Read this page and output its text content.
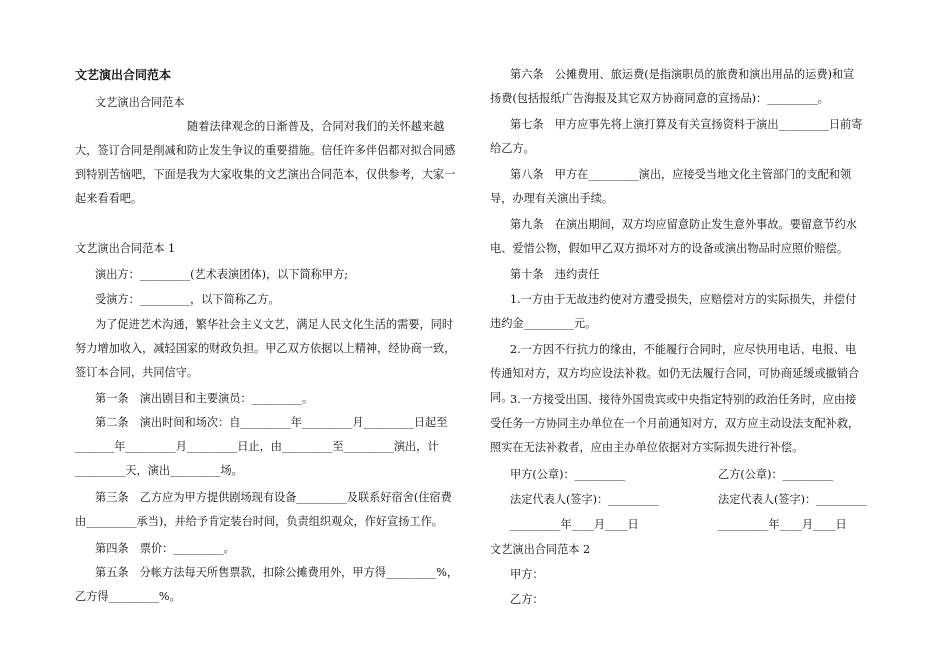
文艺演出合同范本
文艺演出合同范本
随着法律观念的日渐普及，合同对我们的关怀越来越大，签订合同是削减和防止发生争议的重要措施。信任许多伴侣都对拟合同感到特别苦恼吧，下面是我为大家收集的文艺演出合同范本，仅供参考，大家一起来看看吧。
文艺演出合同范本 1
演出方：_________(艺术表演团体)，以下简称甲方;
受演方：_________，以下简称乙方。
为了促进艺术沟通，繁华社会主义文艺，满足人民文化生活的需要，同时努力增加收入，减轻国家的财政负担。甲乙双方依据以上精神，经协商一致，签订本合同，共同信守。
第一条　演出剧目和主要演员：_________。
第二条　演出时间和场次：自_________年_________月_________日起至_______年_________月_________日止，由_________至_________演出，计_________天，演出_________场。
第三条　乙方应为甲方提供剧场现有设备_________及联系好宿舍(住宿费由_________承当)，并给予肯定装台时间，负责组织观众，作好宣扬工作。
第四条　票价：_________。
第五条　分帐方法每天所售票款，扣除公摊费用外，甲方得_________%，乙方得_________%。
第六条　公摊费用、旅运费(是指演职员的旅费和演出用品的运费)和宣扬费(包括报纸广告海报及其它双方协商同意的宣扬品)：_________。
第七条　甲方应事先将上演打算及有关宣扬资料于演出_________日前寄给乙方。
第八条　甲方在_________演出，应接受当地文化主管部门的支配和领导，办理有关演出手续。
第九条　在演出期间，双方均应留意防止发生意外事故。要留意节约水电、爱惜公物，假如甲乙双方损坏对方的设备或演出物品时应照价赔偿。
第十条　违约责任
1.一方由于无故违约使对方遭受损失，应赔偿对方的实际损失，并偿付违约金_________元。
2.一方因不行抗力的缘由，不能履行合同时，应尽快用电话、电报、电传通知对方，双方均应设法补救。如仍无法履行合同，可协商延缓或撤销合同。
3.一方接受出国、接待外国贵宾或中央指定特别的政治任务时，应由接受任务一方协同主办单位在一个月前通知对方，双方应主动设法支配补救，照实在无法补救者，应由主办单位依据对方实际损失进行补偿。
甲方(公章)：_________	乙方(公章)：_________
法定代表人(签字)：_________	法定代表人(签字)：_________
_________年____月____日	_________年____月____日
文艺演出合同范本 2
甲方：
乙方：
